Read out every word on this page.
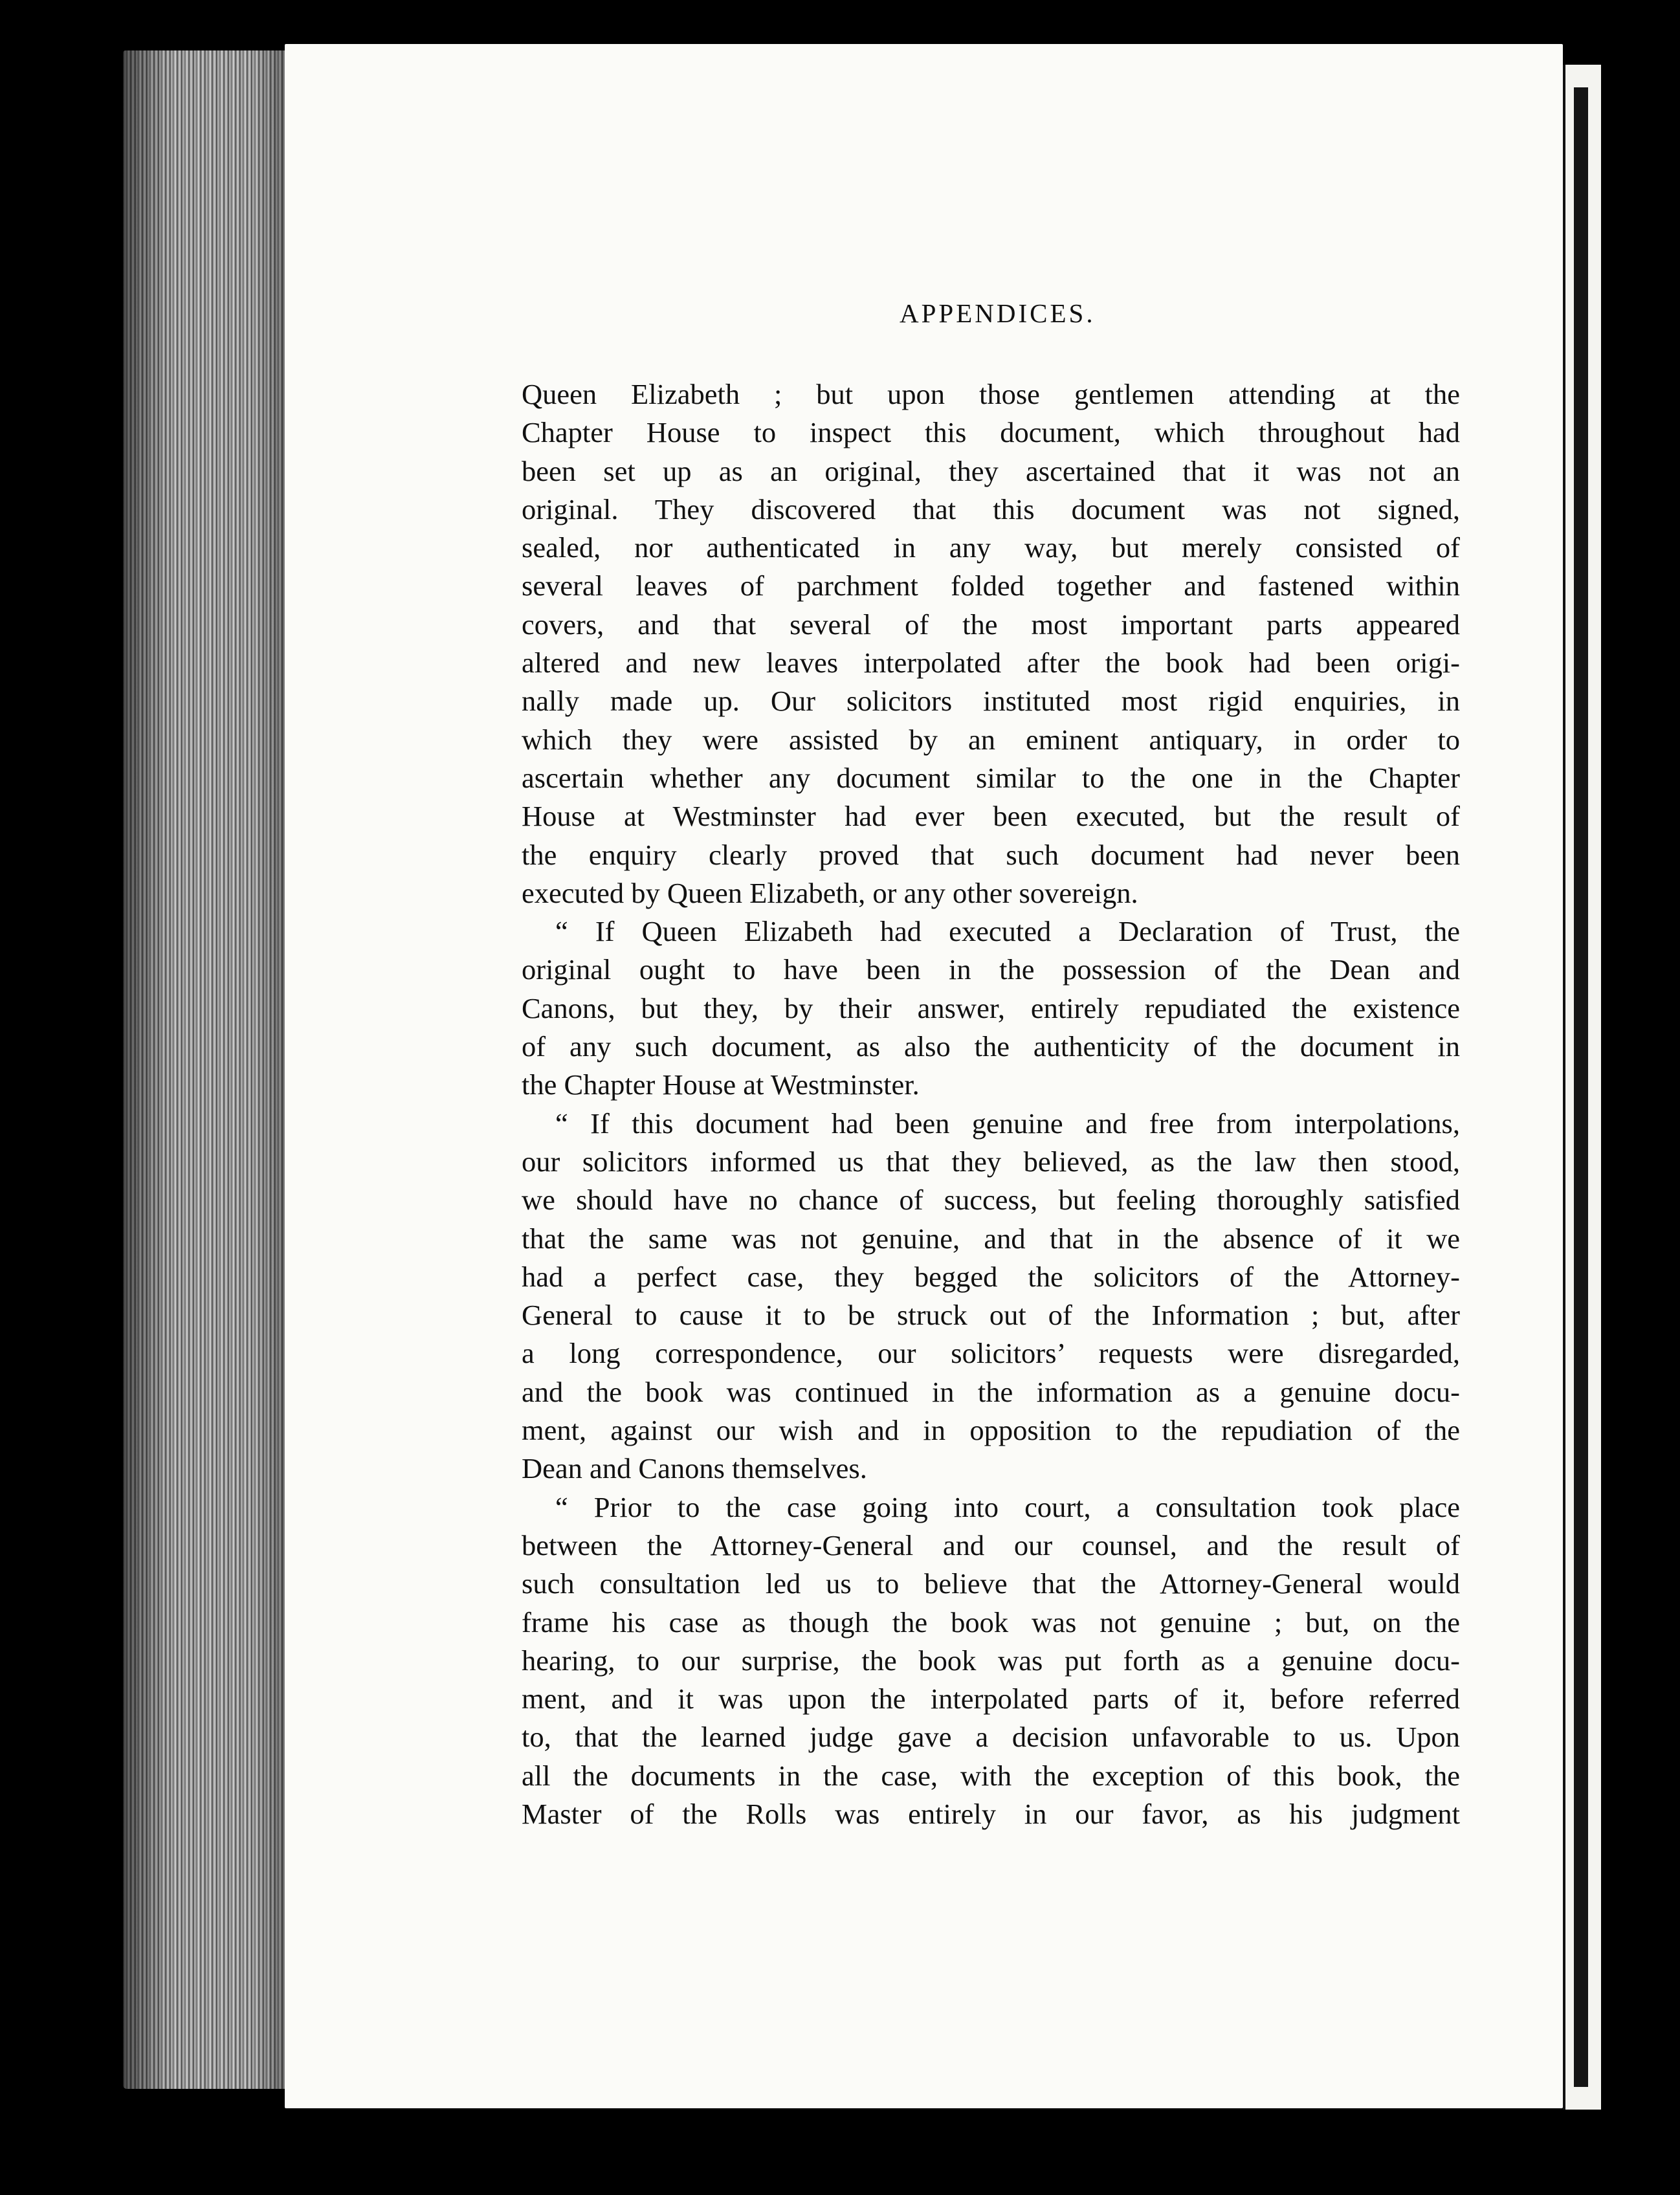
APPENDICES.
Queen Elizabeth ; but upon those gentlemen attending at the
Chapter House to inspect this document, which throughout had
been set up as an original, they ascertained that it was not an
original. They discovered that this document was not signed,
sealed, nor authenticated in any way, but merely consisted of
several leaves of parchment folded together and fastened within
covers, and that several of the most important parts appeared
altered and new leaves interpolated after the book had been origi-
nally made up. Our solicitors instituted most rigid enquiries, in
which they were assisted by an eminent antiquary, in order to
ascertain whether any document similar to the one in the Chapter
House at Westminster had ever been executed, but the result of
the enquiry clearly proved that such document had never been
executed by Queen Elizabeth, or any other sovereign.
“ If Queen Elizabeth had executed a Declaration of Trust, the
original ought to have been in the possession of the Dean and
Canons, but they, by their answer, entirely repudiated the existence
of any such document, as also the authenticity of the document in
the Chapter House at Westminster.
“ If this document had been genuine and free from interpolations,
our solicitors informed us that they believed, as the law then stood,
we should have no chance of success, but feeling thoroughly satisfied
that the same was not genuine, and that in the absence of it we
had a perfect case, they begged the solicitors of the Attorney-
General to cause it to be struck out of the Information ; but, after
a long correspondence, our solicitors’ requests were disregarded,
and the book was continued in the information as a genuine docu-
ment, against our wish and in opposition to the repudiation of the
Dean and Canons themselves.
“ Prior to the case going into court, a consultation took place
between the Attorney-General and our counsel, and the result of
such consultation led us to believe that the Attorney-General would
frame his case as though the book was not genuine ; but, on the
hearing, to our surprise, the book was put forth as a genuine docu-
ment, and it was upon the interpolated parts of it, before referred
to, that the learned judge gave a decision unfavorable to us. Upon
all the documents in the case, with the exception of this book, the
Master of the Rolls was entirely in our favor, as his judgment
